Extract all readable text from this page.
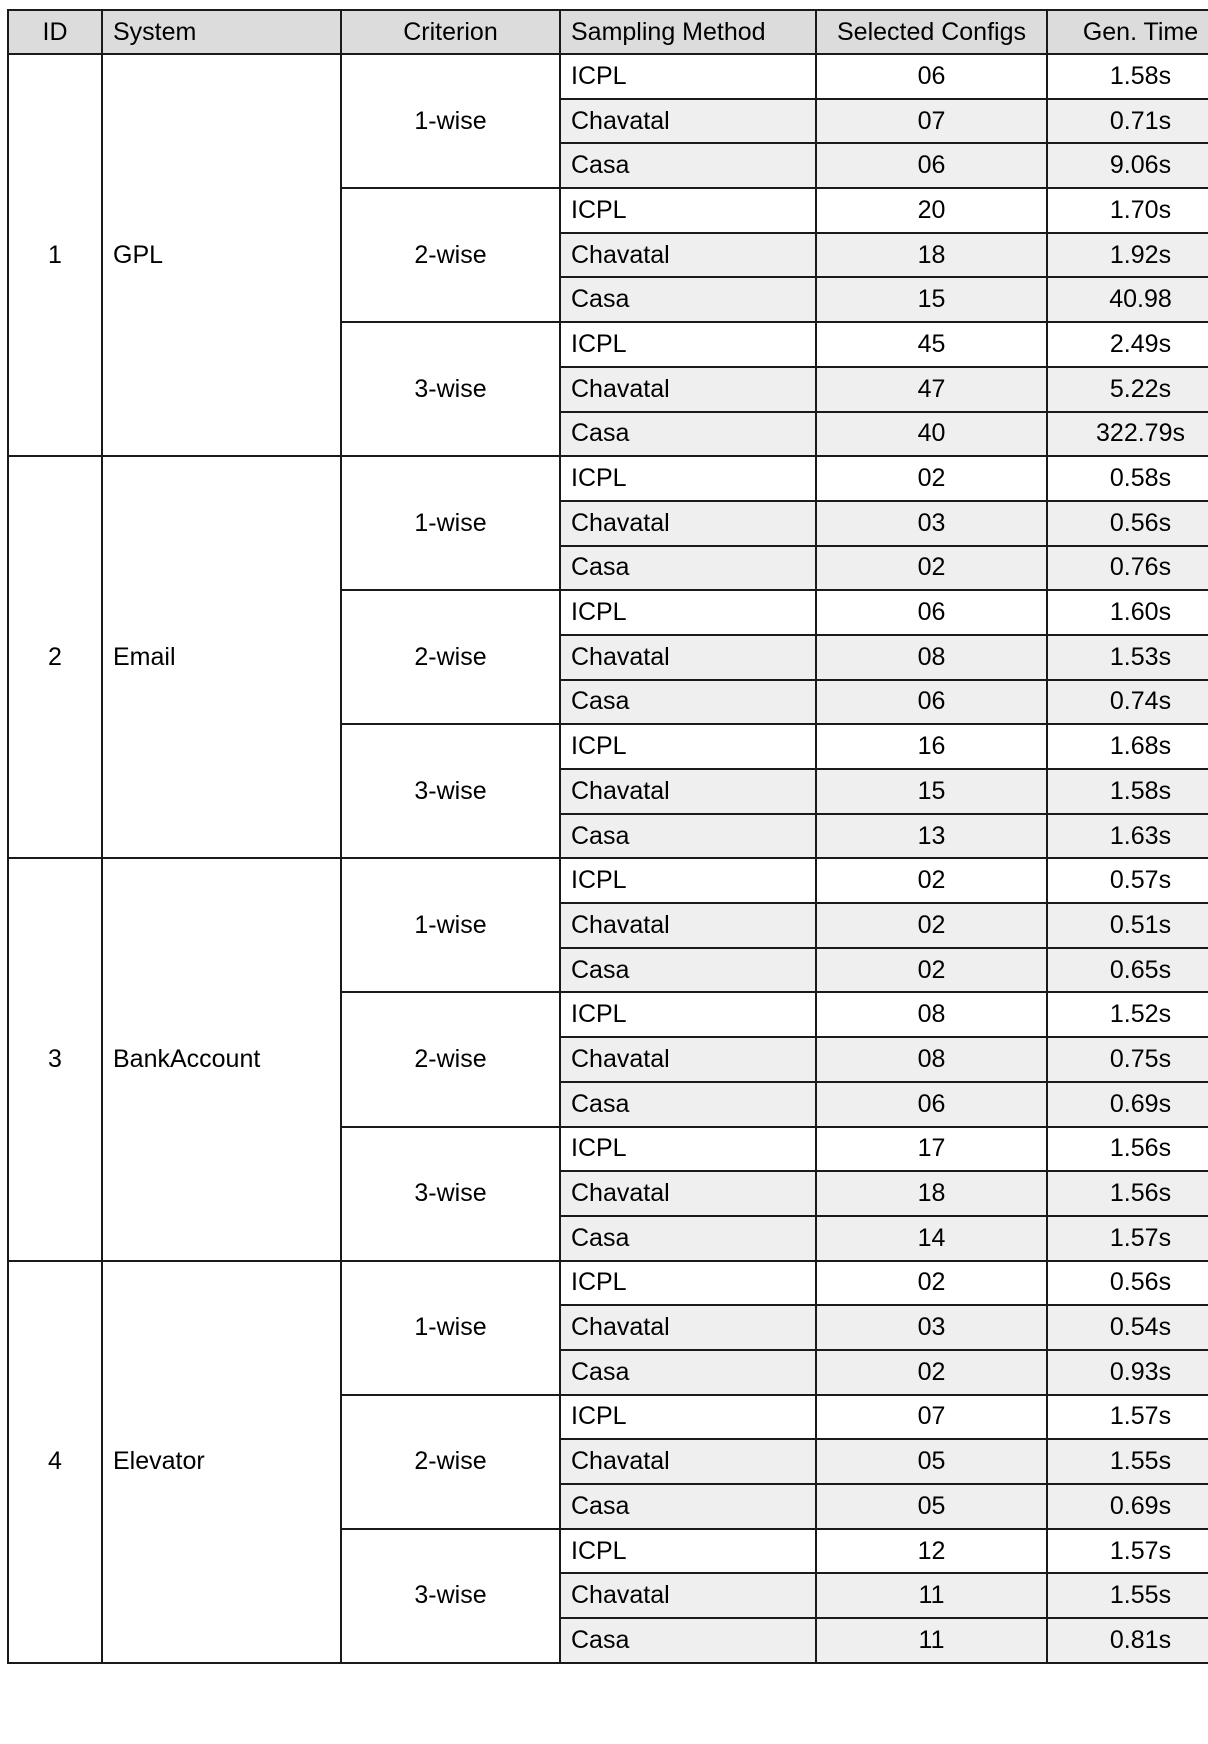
ID	System	Criterion	Sampling Method	Selected Configs	Gen. Time
1	GPL	1-wise	ICPL	06	1.58s
			Chavatal	07	0.71s
			Casa	06	9.06s
		2-wise	ICPL	20	1.70s
			Chavatal	18	1.92s
			Casa	15	40.98
		3-wise	ICPL	45	2.49s
			Chavatal	47	5.22s
			Casa	40	322.79s
2	Email	1-wise	ICPL	02	0.58s
			Chavatal	03	0.56s
			Casa	02	0.76s
		2-wise	ICPL	06	1.60s
			Chavatal	08	1.53s
			Casa	06	0.74s
		3-wise	ICPL	16	1.68s
			Chavatal	15	1.58s
			Casa	13	1.63s
3	BankAccount	1-wise	ICPL	02	0.57s
			Chavatal	02	0.51s
			Casa	02	0.65s
		2-wise	ICPL	08	1.52s
			Chavatal	08	0.75s
			Casa	06	0.69s
		3-wise	ICPL	17	1.56s
			Chavatal	18	1.56s
			Casa	14	1.57s
4	Elevator	1-wise	ICPL	02	0.56s
			Chavatal	03	0.54s
			Casa	02	0.93s
		2-wise	ICPL	07	1.57s
			Chavatal	05	1.55s
			Casa	05	0.69s
		3-wise	ICPL	12	1.57s
			Chavatal	11	1.55s
			Casa	11	0.81s
